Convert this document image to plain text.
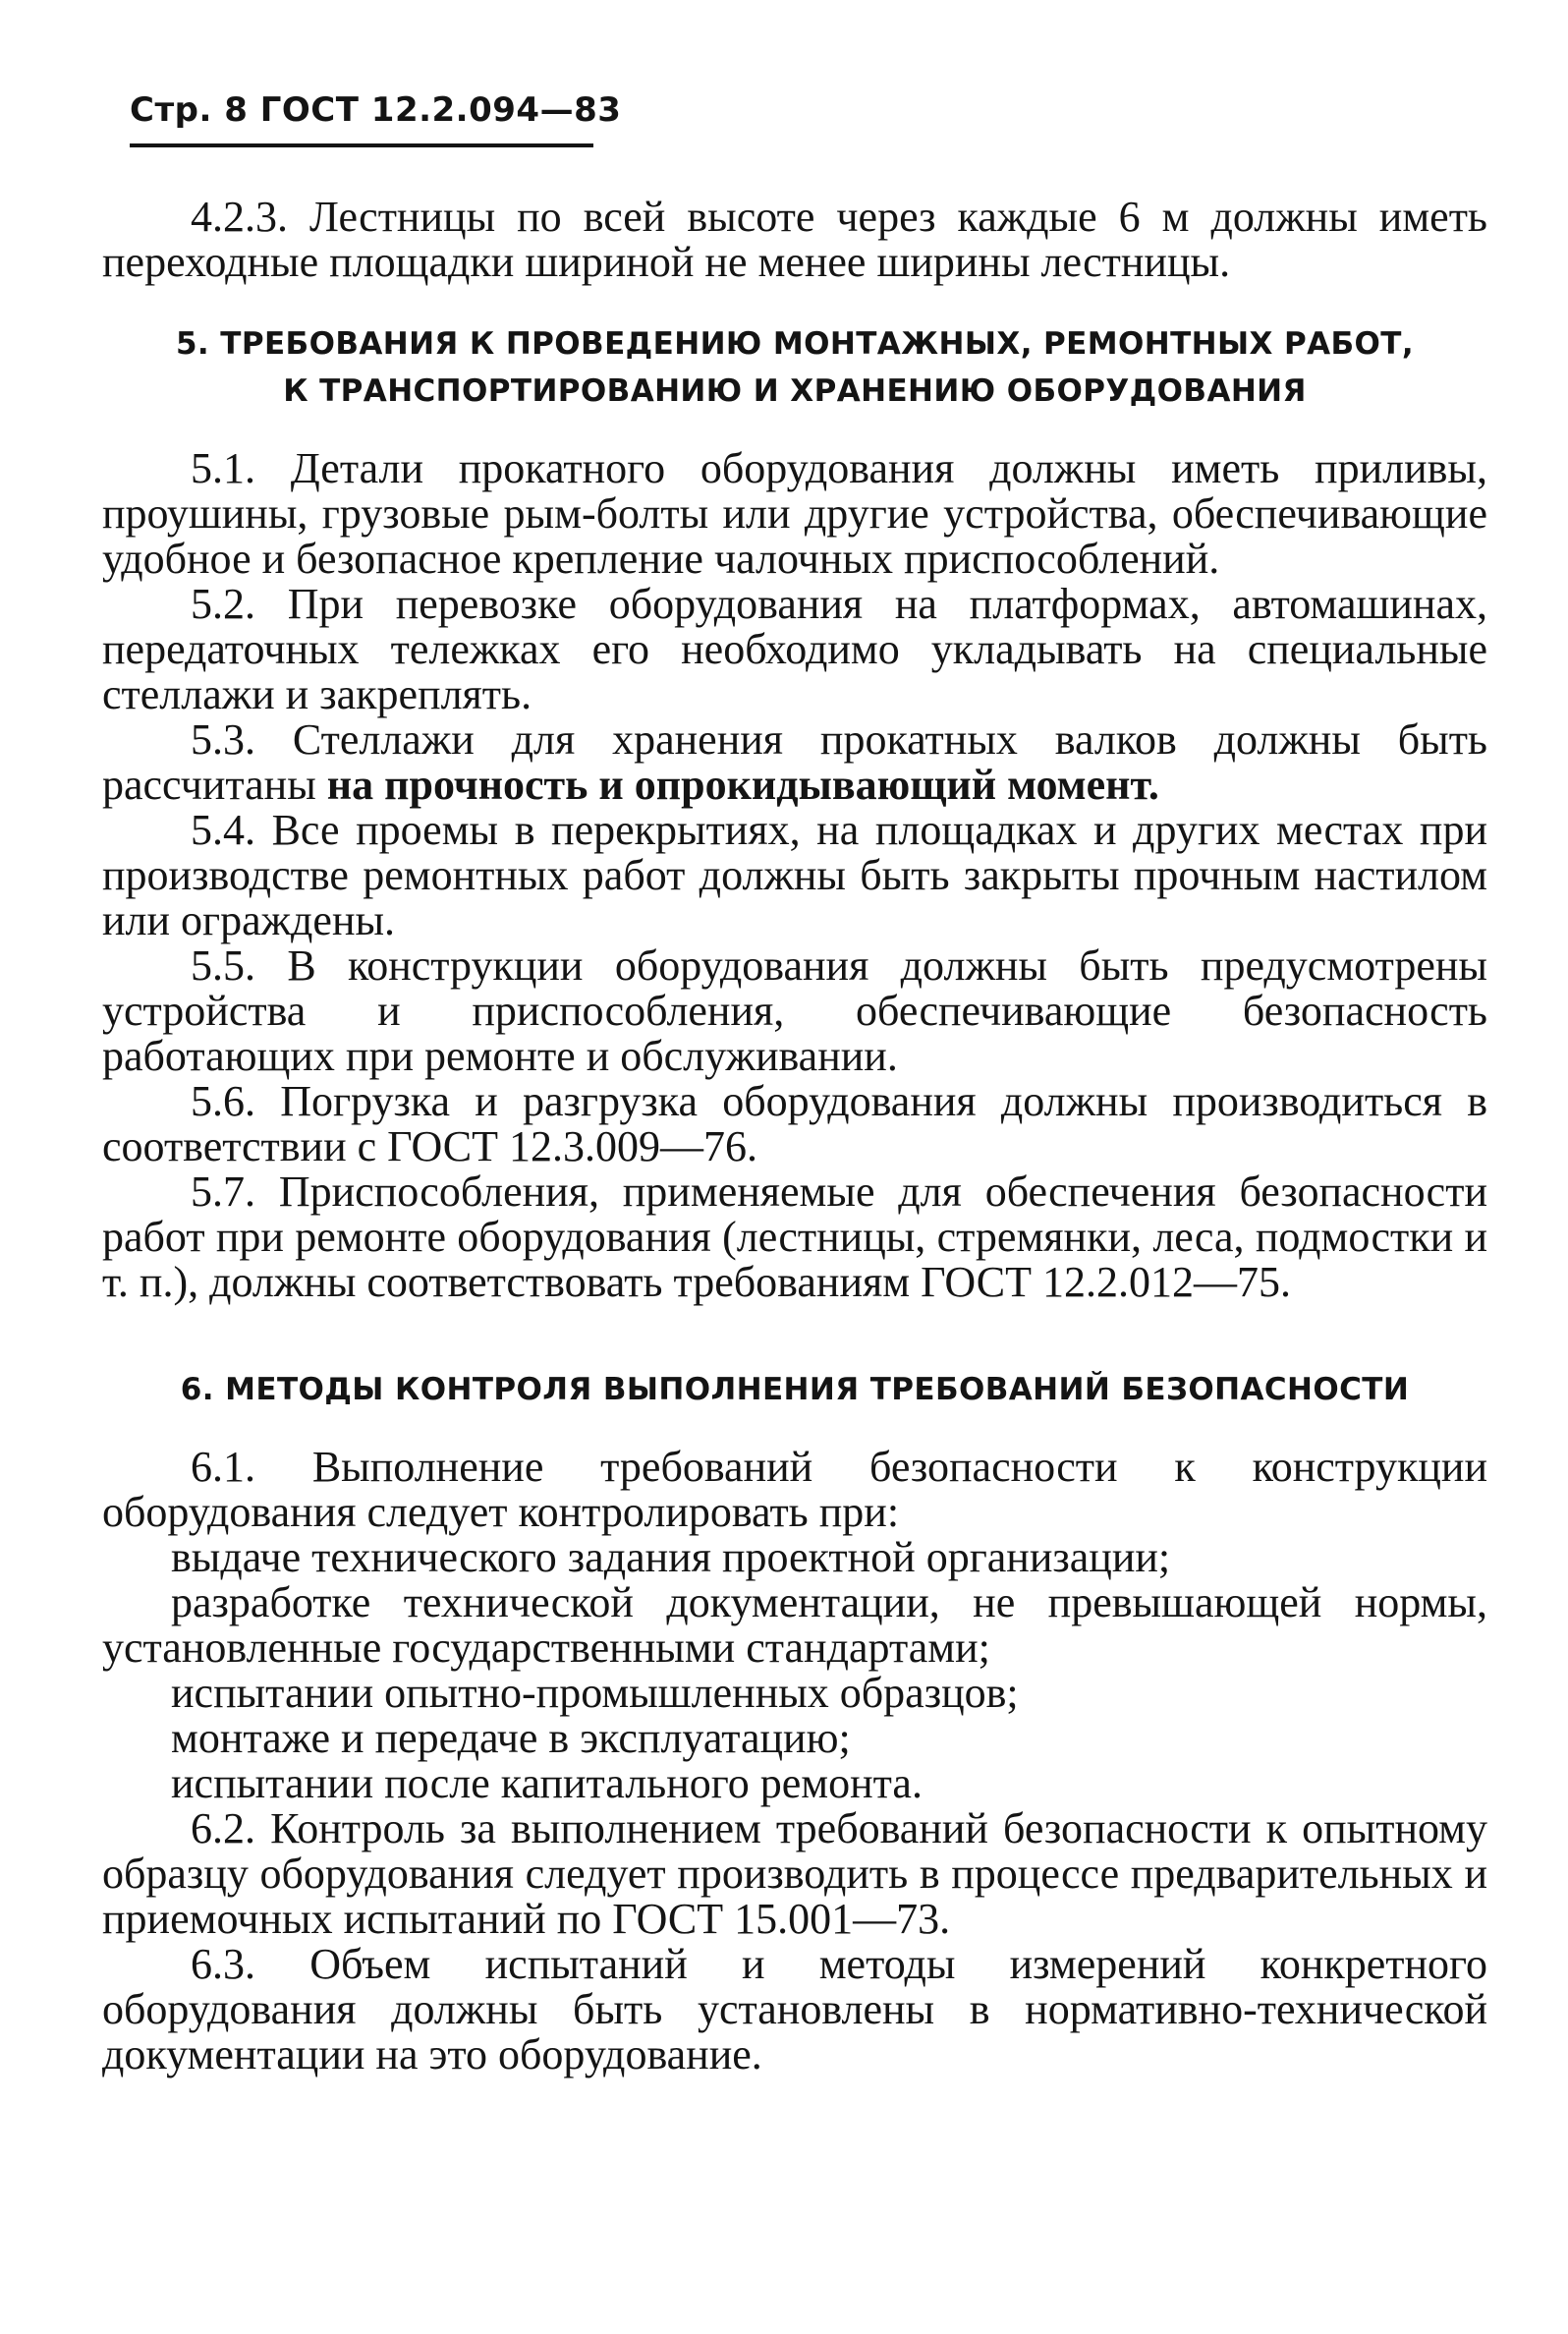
Стр. 8 ГОСТ 12.2.094—83

4.2.3. Лестницы по всей высоте через каждые 6 м должны иметь переходные площадки шириной не менее ширины лестницы.

5. ТРЕБОВАНИЯ К ПРОВЕДЕНИЮ МОНТАЖНЫХ, РЕМОНТНЫХ РАБОТ,
К ТРАНСПОРТИРОВАНИЮ И ХРАНЕНИЮ ОБОРУДОВАНИЯ

5.1. Детали прокатного оборудования должны иметь приливы, проушины, грузовые рым-болты или другие устройства, обеспечивающие удобное и безопасное крепление чалочных приспособлений.

5.2. При перевозке оборудования на платформах, автомашинах, передаточных тележках его необходимо укладывать на специальные стеллажи и закреплять.

5.3. Стеллажи для хранения прокатных валков должны быть рассчитаны на прочность и опрокидывающий момент.

5.4. Все проемы в перекрытиях, на площадках и других местах при производстве ремонтных работ должны быть закрыты прочным настилом или ограждены.

5.5. В конструкции оборудования должны быть предусмотрены устройства и приспособления, обеспечивающие безопасность работающих при ремонте и обслуживании.

5.6. Погрузка и разгрузка оборудования должны производиться в соответствии с ГОСТ 12.3.009—76.

5.7. Приспособления, применяемые для обеспечения безопасности работ при ремонте оборудования (лестницы, стремянки, леса, подмостки и т. п.), должны соответствовать требованиям ГОСТ 12.2.012—75.

6. МЕТОДЫ КОНТРОЛЯ ВЫПОЛНЕНИЯ ТРЕБОВАНИЙ БЕЗОПАСНОСТИ

6.1. Выполнение требований безопасности к конструкции оборудования следует контролировать при:

выдаче технического задания проектной организации;

разработке технической документации, не превышающей нормы, установленные государственными стандартами;

испытании опытно-промышленных образцов;

монтаже и передаче в эксплуатацию;

испытании после капитального ремонта.

6.2. Контроль за выполнением требований безопасности к опытному образцу оборудования следует производить в процессе предварительных и приемочных испытаний по ГОСТ 15.001—73.

6.3. Объем испытаний и методы измерений конкретного оборудования должны быть установлены в нормативно-технической документации на это оборудование.
